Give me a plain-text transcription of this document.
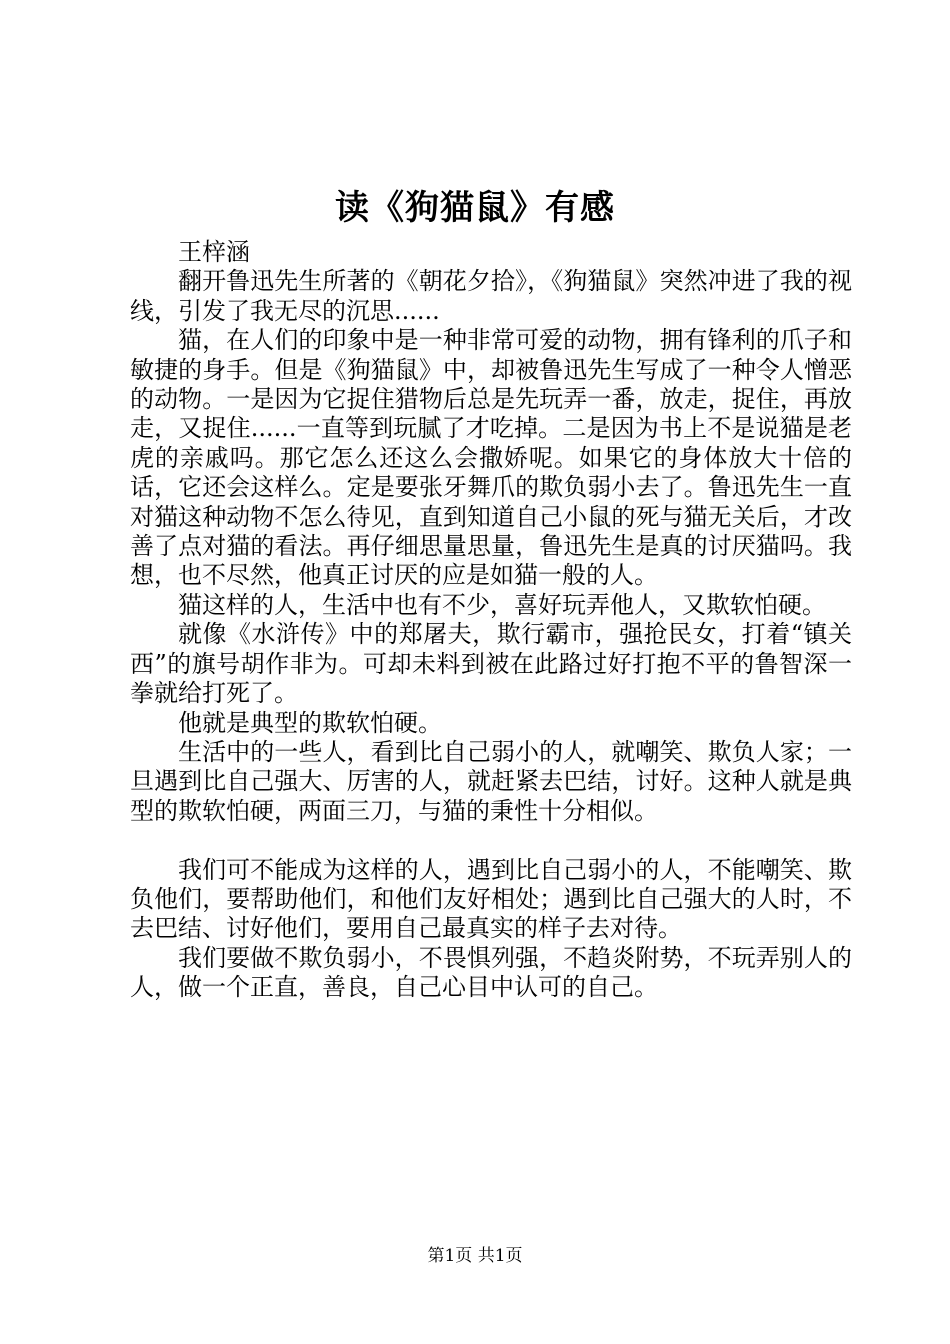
读《狗猫鼠》有感

王梓涵

翻开鲁迅先生所著的《朝花夕拾》，《狗猫鼠》突然冲进了我的视线，引发了我无尽的沉思......

猫，在人们的印象中是一种非常可爱的动物，拥有锋利的爪子和敏捷的身手。但是《狗猫鼠》中，却被鲁迅先生写成了一种令人憎恶的动物。一是因为它捉住猎物后总是先玩弄一番，放走，捉住，再放走，又捉住......一直等到玩腻了才吃掉。二是因为书上不是说猫是老虎的亲戚吗。那它怎么还这么会撒娇呢。如果它的身体放大十倍的话，它还会这样么。定是要张牙舞爪的欺负弱小去了。鲁迅先生一直对猫这种动物不怎么待见，直到知道自己小鼠的死与猫无关后，才改善了点对猫的看法。再仔细思量思量，鲁迅先生是真的讨厌猫吗。我想，也不尽然，他真正讨厌的应是如猫一般的人。

猫这样的人，生活中也有不少，喜好玩弄他人，又欺软怕硬。

就像《水浒传》中的郑屠夫，欺行霸市，强抢民女，打着“镇关西”的旗号胡作非为。可却未料到被在此路过好打抱不平的鲁智深一拳就给打死了。

他就是典型的欺软怕硬。

生活中的一些人，看到比自己弱小的人，就嘲笑、欺负人家；一旦遇到比自己强大、厉害的人，就赶紧去巴结，讨好。这种人就是典型的欺软怕硬，两面三刀，与猫的秉性十分相似。

我们可不能成为这样的人，遇到比自己弱小的人，不能嘲笑、欺负他们，要帮助他们，和他们友好相处；遇到比自己强大的人时，不去巴结、讨好他们，要用自己最真实的样子去对待。

我们要做不欺负弱小，不畏惧列强，不趋炎附势，不玩弄别人的人，做一个正直，善良，自己心目中认可的自己。

第1页 共1页
